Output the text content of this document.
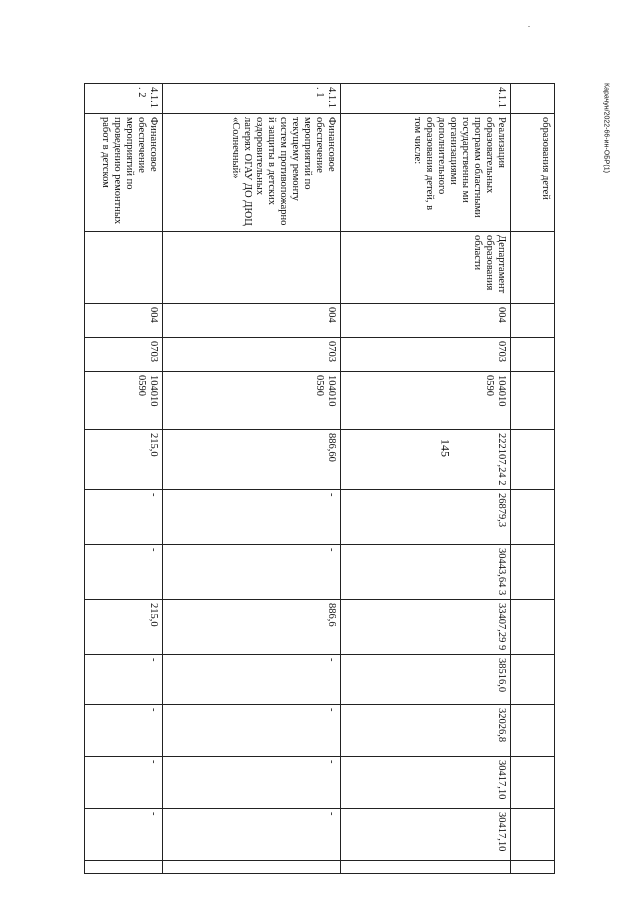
145
Карачун/2022-66-ин-ОБР(1)
	образования детей													
4.1.1	Реализация образовательных программ областными государственны ми организациями дополнительного образования детей, в том числе:	Департамент образования области	004	0703	104010 0590	222107,24 2	26879,3	30443,64 3	33407,29 9	38516,0	32026,8	30417,10	30417,10	
4.1.1. 1	Финансовое обеспечение мероприятий по текущему ремонту систем противопожарно й защиты в детских оздоровительных лагерях ОГАУ ДО ДЮЦ «Солнечный»		004	0703	104010 0590	886,60	-	-	886,6	-	-	-	-	
4.1.1. 2	Финансовое обеспечение мероприятий по проведению ремонтных работ в детском		004	0703	104010 0590	215,0	-	-	215,0	-	-	-	-	
